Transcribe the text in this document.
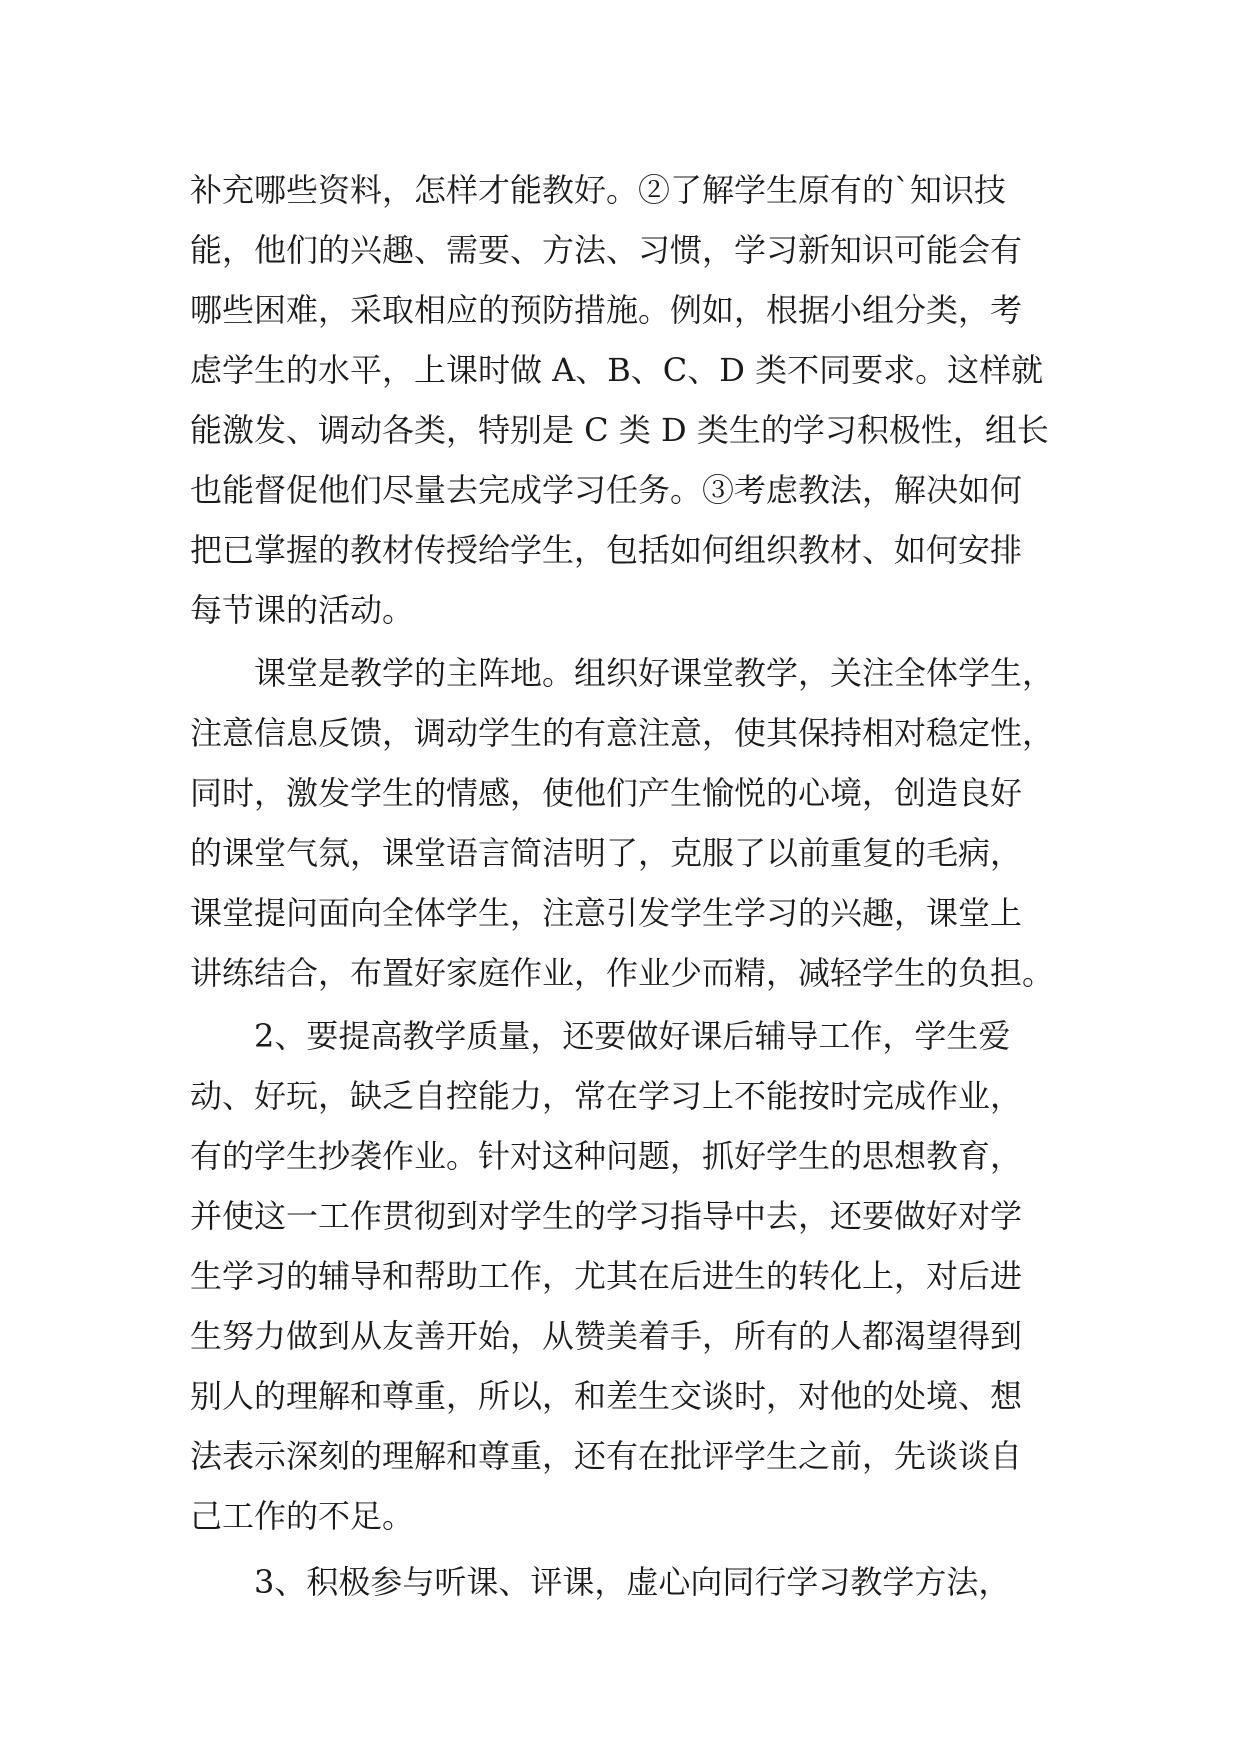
补充哪些资料，怎样才能教好。②了解学生原有的`知识技
能，他们的兴趣、需要、方法、习惯，学习新知识可能会有
哪些困难，采取相应的预防措施。例如，根据小组分类，考
虑学生的水平，上课时做 A、B、C、D 类不同要求。这样就
能激发、调动各类，特别是 C 类 D 类生的学习积极性，组长
也能督促他们尽量去完成学习任务。③考虑教法，解决如何
把已掌握的教材传授给学生，包括如何组织教材、如何安排
每节课的活动。
　　课堂是教学的主阵地。组织好课堂教学，关注全体学生，
注意信息反馈，调动学生的有意注意，使其保持相对稳定性，
同时，激发学生的情感，使他们产生愉悦的心境，创造良好
的课堂气氛，课堂语言简洁明了，克服了以前重复的毛病，
课堂提问面向全体学生，注意引发学生学习的兴趣，课堂上
讲练结合，布置好家庭作业，作业少而精，减轻学生的负担。
　　2、要提高教学质量，还要做好课后辅导工作，学生爱
动、好玩，缺乏自控能力，常在学习上不能按时完成作业，
有的学生抄袭作业。针对这种问题，抓好学生的思想教育，
并使这一工作贯彻到对学生的学习指导中去，还要做好对学
生学习的辅导和帮助工作，尤其在后进生的转化上，对后进
生努力做到从友善开始，从赞美着手，所有的人都渴望得到
别人的理解和尊重，所以，和差生交谈时，对他的处境、想
法表示深刻的理解和尊重，还有在批评学生之前，先谈谈自
己工作的不足。
　　3、积极参与听课、评课，虚心向同行学习教学方法，
